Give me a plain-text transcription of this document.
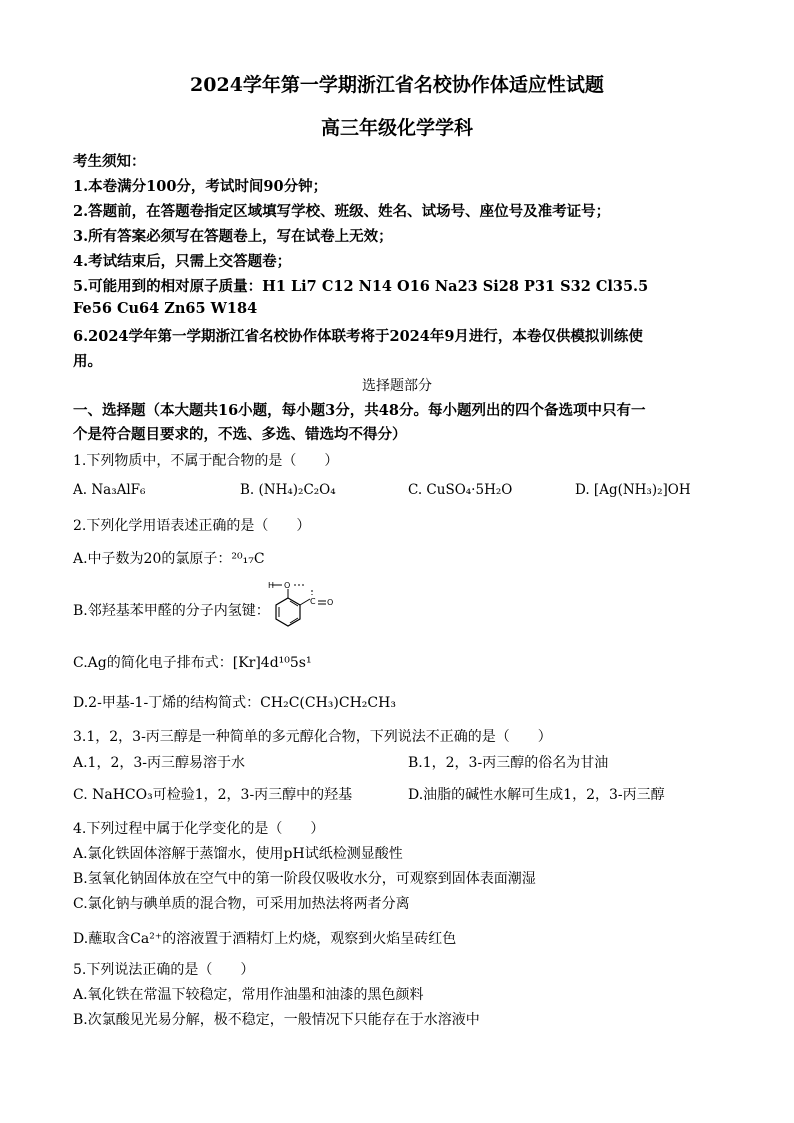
2024学年第一学期浙江省名校协作体适应性试题
高三年级化学学科
考生须知：
1.本卷满分100分，考试时间90分钟；
2.答题前，在答题卷指定区域填写学校、班级、姓名、试场号、座位号及准考证号；
3.所有答案必须写在答题卷上，写在试卷上无效；
4.考试结束后，只需上交答题卷；
5.可能用到的相对原子质量：H1 Li7 C12 N14 O16 Na23 Si28 P31 S32 Cl35.5
Fe56 Cu64 Zn65 W184
6.2024学年第一学期浙江省名校协作体联考将于2024年9月进行，本卷仅供模拟训练使
用。
选择题部分
一、选择题（本大题共16小题，每小题3分，共48分。每小题列出的四个备选项中只有一
个是符合题目要求的，不选、多选、错选均不得分）
1.下列物质中，不属于配合物的是（　　）
A. Na₃AlF₆	B. (NH₄)₂C₂O₄	C. CuSO₄·5H₂O	D. [Ag(NH₃)₂]OH
2.下列化学用语表述正确的是（　　）
A.中子数为20的氯原子：²⁰₁₇C
B.邻羟基苯甲醛的分子内氢键：
H O
C O
C.Ag的简化电子排布式：[Kr]4d¹⁰5s¹
D.2-甲基-1-丁烯的结构简式：CH₂C(CH₃)CH₂CH₃
3.1，2，3-丙三醇是一种简单的多元醇化合物，下列说法不正确的是（　　）
A.1，2，3-丙三醇易溶于水	B.1，2，3-丙三醇的俗名为甘油
C. NaHCO₃可检验1，2，3-丙三醇中的羟基	D.油脂的碱性水解可生成1，2，3-丙三醇
4.下列过程中属于化学变化的是（　　）
A.氯化铁固体溶解于蒸馏水，使用pH试纸检测显酸性
B.氢氧化钠固体放在空气中的第一阶段仅吸收水分，可观察到固体表面潮湿
C.氯化钠与碘单质的混合物，可采用加热法将两者分离
D.蘸取含Ca²⁺的溶液置于酒精灯上灼烧，观察到火焰呈砖红色
5.下列说法正确的是（　　）
A.氧化铁在常温下较稳定，常用作油墨和油漆的黑色颜料
B.次氯酸见光易分解，极不稳定，一般情况下只能存在于水溶液中
